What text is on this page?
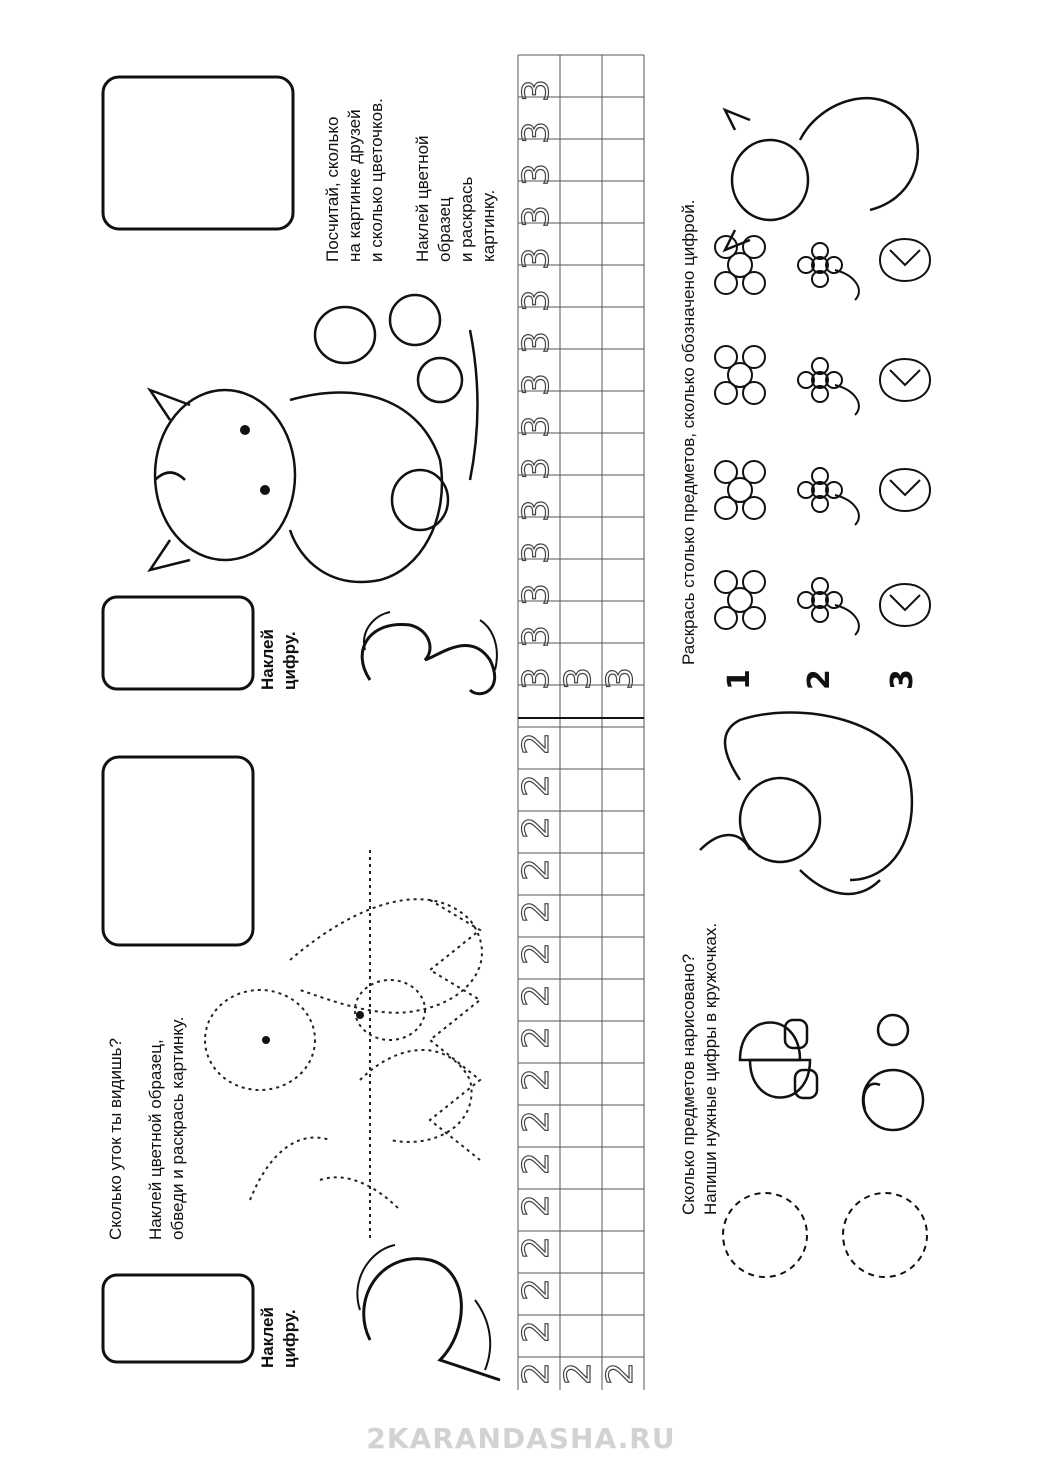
2
2
2
2
2
2
2
2
2
2
2
2
2
2
2
2
2 2
3
3
3
3
3
3
3
3
3
3
3
3
3
3
3
3 3
Наклей цифру.
Сколько уток ты видишь? Наклей цветной образец, обведи и раскрась картинку.
Наклей цифру.
Посчитай, сколько на картинке друзей и сколько цветочков. Наклей цветной образец и раскрась картинку.
Сколько предметов нарисовано? Напиши нужные цифры в кружочках.
Раскрась столько предметов, сколько обозначено цифрой.
1 2 3
2KARANDASHA.RU
